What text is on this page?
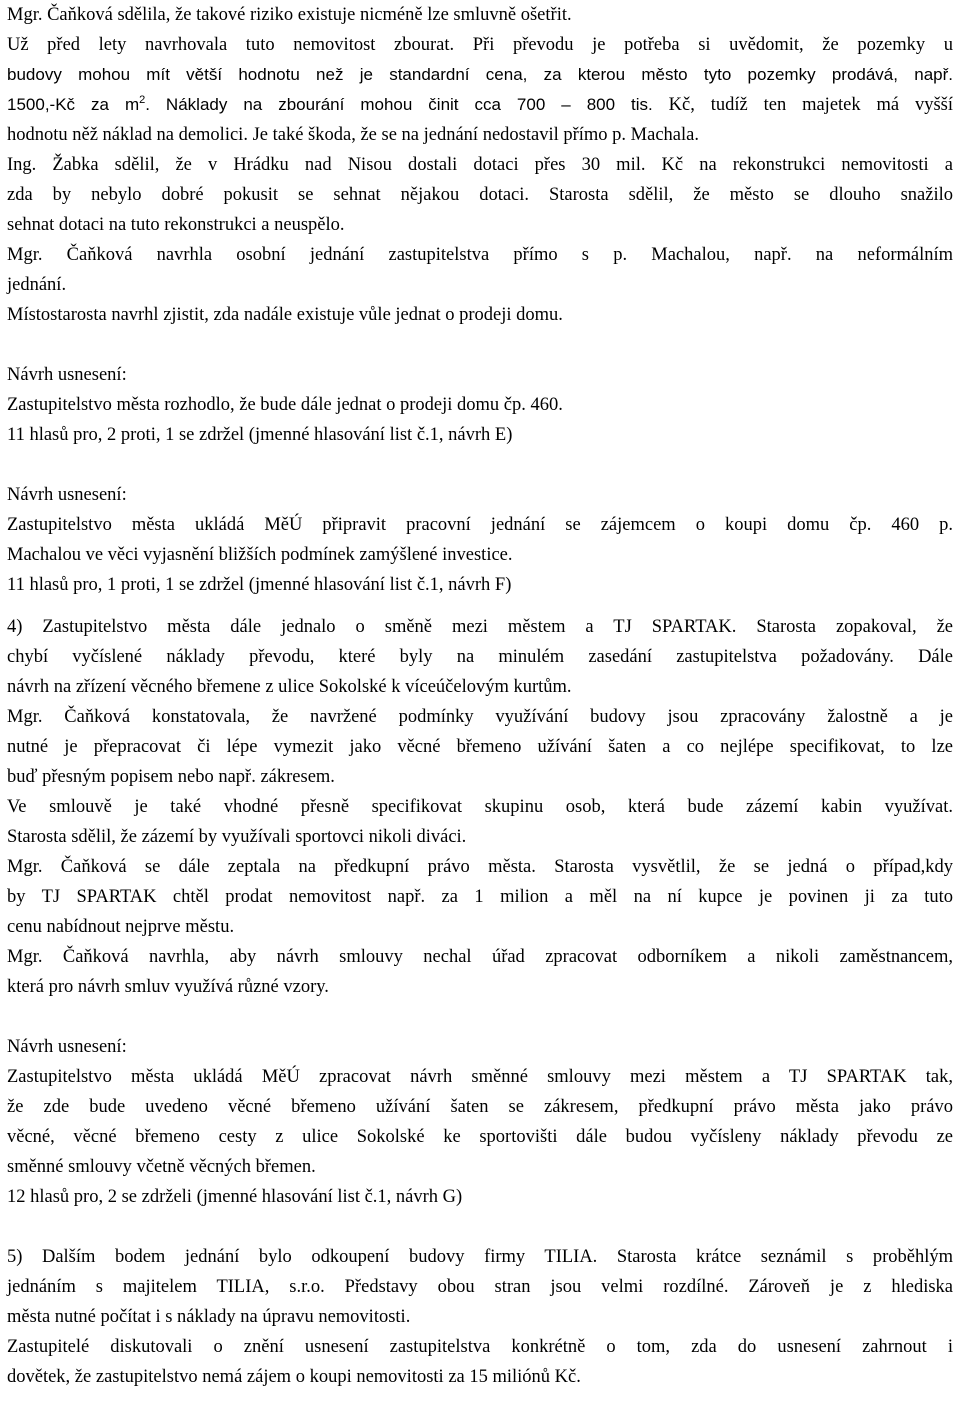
Mgr. Čaňková sdělila, že takové riziko existuje nicméně lze smluvně ošetřit.
Už před lety navrhovala tuto nemovitost zbourat. Při převodu je potřeba si uvědomit, že pozemky u
budovy mohou mít větší hodnotu než je standardní cena, za kterou město tyto pozemky prodává, např.
1500,-Kč za $m^2$. Náklady na zbourání mohou činit cca 700 – 800 tis. Kč, tudíž ten majetek má vyšší
hodnotu něž náklad na demolici. Je také škoda, že se na jednání nedostavil přímo p. Machala.
Ing. Žabka sdělil, že v Hrádku nad Nisou dostali dotaci přes 30 mil. Kč na rekonstrukci nemovitosti a
zda by nebylo dobré pokusit se sehnat nějakou dotaci. Starosta sdělil, že město se dlouho snažilo
sehnat dotaci na tuto rekonstrukci a neuspělo.
Mgr. Čaňková navrhla osobní jednání zastupitelstva přímo s p. Machalou, např. na neformálním
jednání.
Místostarosta navrhl zjistit, zda nadále existuje vůle jednat o prodeji domu.
Návrh usnesení:
Zastupitelstvo města rozhodlo, že bude dále jednat o prodeji domu čp. 460.
11 hlasů pro, 2 proti, 1 se zdržel (jmenné hlasování list č.1, návrh E)
Návrh usnesení:
Zastupitelstvo města ukládá MěÚ připravit pracovní jednání se zájemcem o koupi domu čp. 460 p.
Machalou ve věci vyjasnění bližších podmínek zamýšlené investice.
11 hlasů pro, 1 proti, 1 se zdržel (jmenné hlasování list č.1, návrh F)
4) Zastupitelstvo města dále jednalo o směně mezi městem a TJ SPARTAK. Starosta zopakoval, že
chybí vyčíslené náklady převodu, které byly na minulém zasedání zastupitelstva požadovány. Dále
návrh na zřízení věcného břemene z ulice Sokolské k víceúčelovým kurtům.
Mgr. Čaňková konstatovala, že navržené podmínky využívání budovy jsou zpracovány žalostně a je
nutné je přepracovat či lépe vymezit jako věcné břemeno užívání šaten a co nejlépe specifikovat, to lze
buď přesným popisem nebo např. zákresem.
Ve smlouvě je také vhodné přesně specifikovat skupinu osob, která bude zázemí kabin využívat.
Starosta sdělil, že zázemí by využívali sportovci nikoli diváci.
Mgr. Čaňková se dále zeptala na předkupní právo města. Starosta vysvětlil, že se jedná o případ,kdy
by TJ SPARTAK chtěl prodat nemovitost např. za 1 milion a měl na ní kupce je povinen ji za tuto
cenu nabídnout nejprve městu.
Mgr. Čaňková navrhla, aby návrh smlouvy nechal úřad zpracovat odborníkem a nikoli zaměstnancem,
která pro návrh smluv využívá různé vzory.
Návrh usnesení:
Zastupitelstvo města ukládá MěÚ zpracovat návrh směnné smlouvy mezi městem a TJ SPARTAK tak,
že zde bude uvedeno věcné břemeno užívání šaten se zákresem, předkupní právo města jako právo
věcné, věcné břemeno cesty z ulice Sokolské ke sportovišti dále budou vyčísleny náklady převodu ze
směnné smlouvy včetně věcných břemen.
12 hlasů pro, 2 se zdrželi (jmenné hlasování list č.1, návrh G)
5) Dalším bodem jednání bylo odkoupení budovy firmy TILIA. Starosta krátce seznámil s proběhlým
jednáním s majitelem TILIA, s.r.o. Představy obou stran jsou velmi rozdílné. Zároveň je z hlediska
města nutné počítat i s náklady na úpravu nemovitosti.
Zastupitelé diskutovali o znění usnesení zastupitelstva konkrétně o tom, zda do usnesení zahrnout i
dovětek, že zastupitelstvo nemá zájem o koupi nemovitosti za 15 miliónů Kč.
